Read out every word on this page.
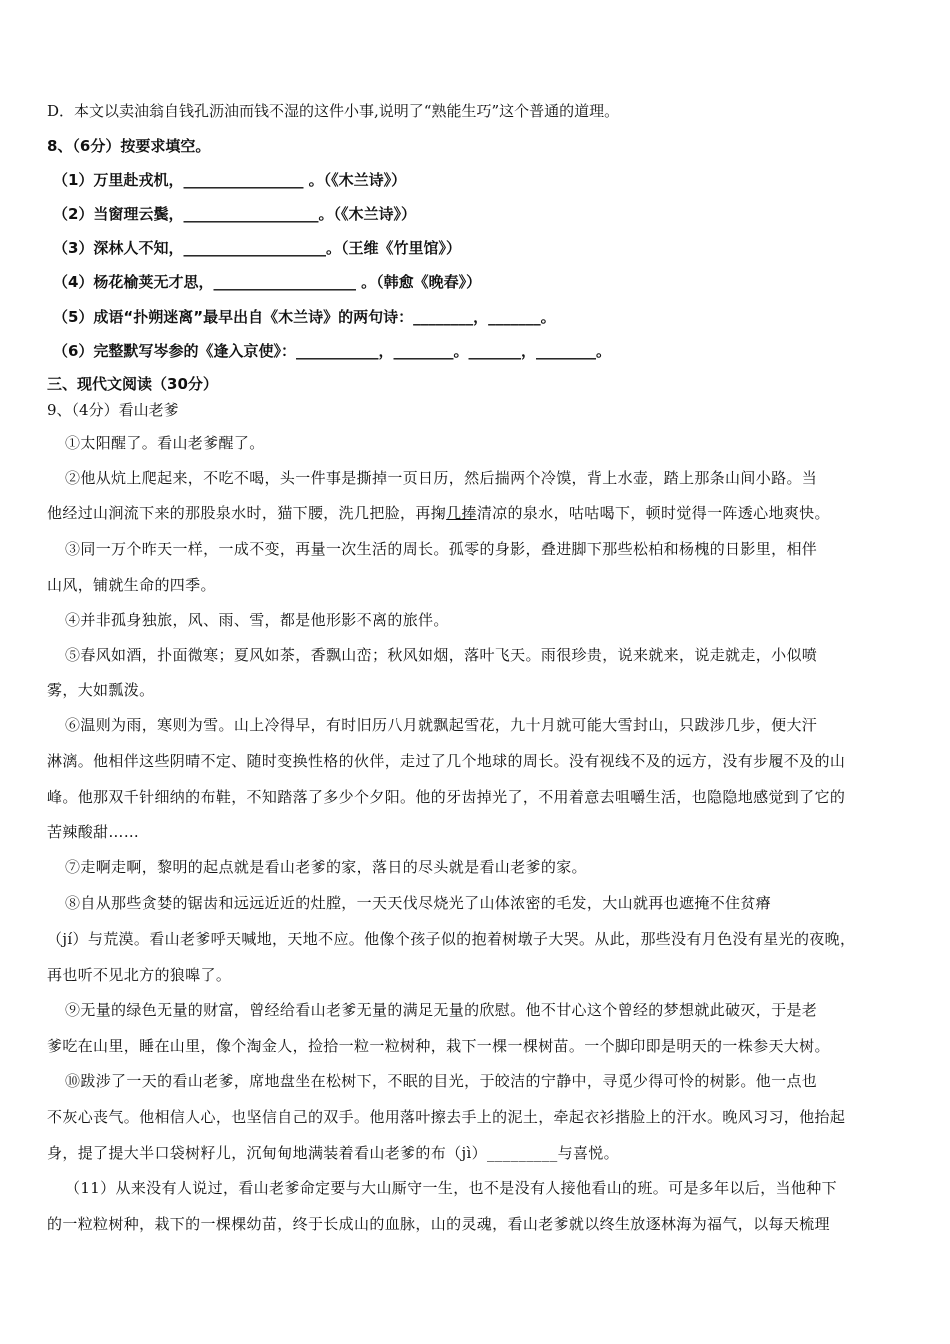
D．本文以卖油翁自钱孔沥油而钱不湿的这件小事,说明了“熟能生巧”这个普通的道理。
8、（6分）按要求填空。
（1）万里赴戎机，________________ 。（《木兰诗》）
（2）当窗理云鬓，__________________。（《木兰诗》）
（3）深林人不知，___________________。（王维《竹里馆》）
（4）杨花榆荚无才思，___________________ 。（韩愈《晚春》）
（5）成语“扑朔迷离”最早出自《木兰诗》的两句诗：________，_______。
（6）完整默写岑参的《逢入京使》：___________，________。_______，________。
三、现代文阅读（30分）
9、（4分）看山老爹
①太阳醒了。看山老爹醒了。
②他从炕上爬起来，不吃不喝，头一件事是撕掉一页日历，然后揣两个冷馍，背上水壶，踏上那条山间小路。当
他经过山涧流下来的那股泉水时，猫下腰，洗几把脸，再掬几捧清凉的泉水，咕咕喝下，顿时觉得一阵透心地爽快。
③同一万个昨天一样，一成不变，再量一次生活的周长。孤零的身影，叠进脚下那些松柏和杨槐的日影里，相伴
山风，铺就生命的四季。
④并非孤身独旅，风、雨、雪，都是他形影不离的旅伴。
⑤春风如酒，扑面微寒；夏风如茶，香飘山峦；秋风如烟，落叶飞天。雨很珍贵，说来就来，说走就走，小似喷
雾，大如瓢泼。
⑥温则为雨，寒则为雪。山上冷得早，有时旧历八月就飘起雪花，九十月就可能大雪封山，只跋涉几步，便大汗
淋漓。他相伴这些阴晴不定、随时变换性格的伙伴，走过了几个地球的周长。没有视线不及的远方，没有步履不及的山
峰。他那双千针细纳的布鞋，不知踏落了多少个夕阳。他的牙齿掉光了，不用着意去咀嚼生活，也隐隐地感觉到了它的
苦辣酸甜……
⑦走啊走啊，黎明的起点就是看山老爹的家，落日的尽头就是看山老爹的家。
⑧自从那些贪婪的锯齿和远远近近的灶膛，一天天伐尽烧光了山体浓密的毛发，大山就再也遮掩不住贫瘠
（jí）与荒漠。看山老爹呼天喊地，天地不应。他像个孩子似的抱着树墩子大哭。从此，那些没有月色没有星光的夜晚，
再也听不见北方的狼嗥了。
⑨无量的绿色无量的财富，曾经给看山老爹无量的满足无量的欣慰。他不甘心这个曾经的梦想就此破灭，于是老
爹吃在山里，睡在山里，像个淘金人，捡拾一粒一粒树种，栽下一棵一棵树苗。一个脚印即是明天的一株参天大树。
⑩跋涉了一天的看山老爹，席地盘坐在松树下，不眠的目光，于皎洁的宁静中，寻觅少得可怜的树影。他一点也
不灰心丧气。他相信人心，也坚信自己的双手。他用落叶擦去手上的泥土，牵起衣衫揩脸上的汗水。晚风习习，他抬起
身，提了提大半口袋树籽儿，沉甸甸地满装着看山老爹的布（jì）_________与喜悦。
（11）从来没有人说过，看山老爹命定要与大山厮守一生，也不是没有人接他看山的班。可是多年以后，当他种下
的一粒粒树种，栽下的一棵棵幼苗，终于长成山的血脉，山的灵魂，看山老爹就以终生放逐林海为福气，以每天梳理
